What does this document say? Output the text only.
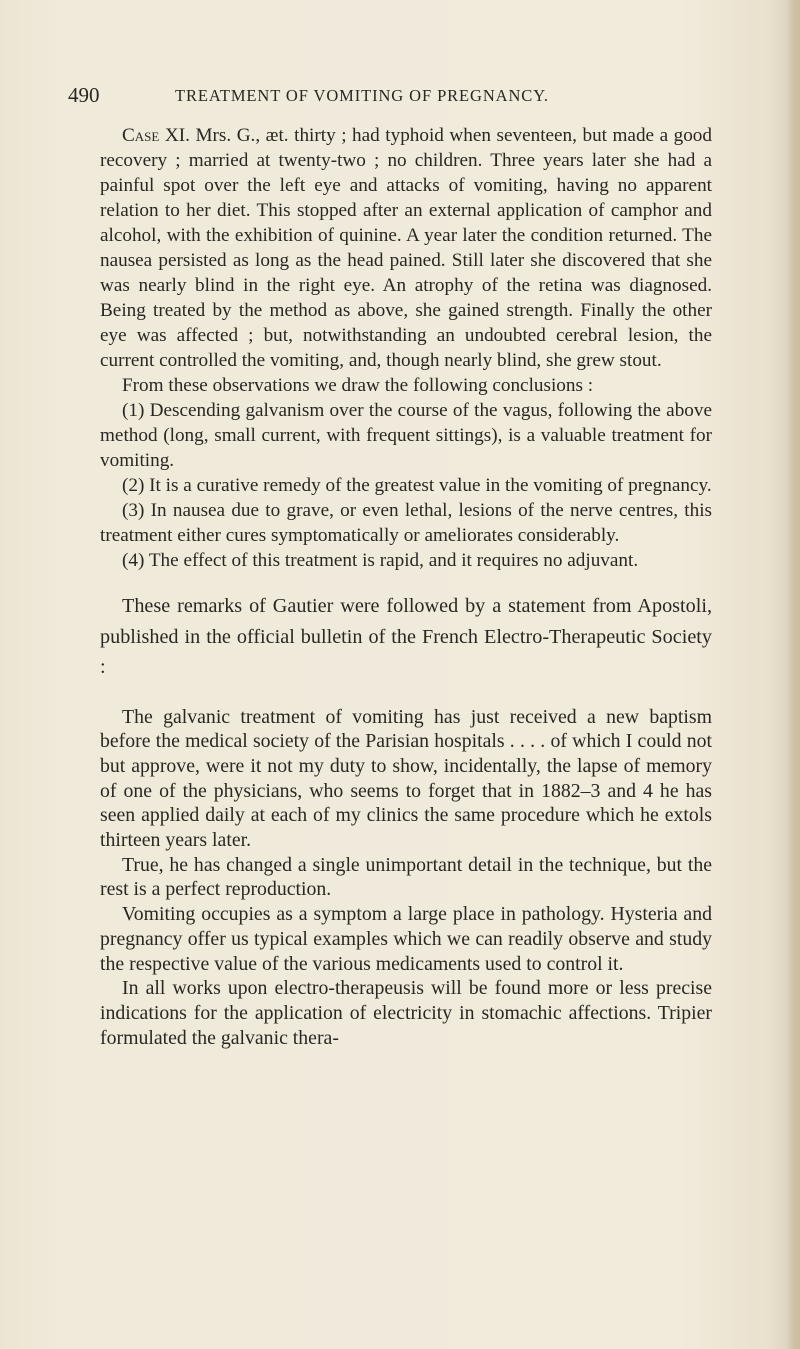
490	TREATMENT OF VOMITING OF PREGNANCY.

Case XI. Mrs. G., æt. thirty ; had typhoid when seventeen, but made a good recovery ; married at twenty-two ; no children. Three years later she had a painful spot over the left eye and attacks of vomiting, having no apparent relation to her diet. This stopped after an external application of camphor and alcohol, with the exhibition of quinine. A year later the condition returned. The nausea persisted as long as the head pained. Still later she discovered that she was nearly blind in the right eye. An atrophy of the retina was diagnosed. Being treated by the method as above, she gained strength. Finally the other eye was affected ; but, notwithstanding an undoubted cerebral lesion, the current controlled the vomiting, and, though nearly blind, she grew stout.

From these observations we draw the following conclusions :

(1) Descending galvanism over the course of the vagus, following the above method (long, small current, with frequent sittings), is a valuable treatment for vomiting.

(2) It is a curative remedy of the greatest value in the vomiting of pregnancy.

(3) In nausea due to grave, or even lethal, lesions of the nerve centres, this treatment either cures symptomatically or ameliorates considerably.

(4) The effect of this treatment is rapid, and it requires no adjuvant.

These remarks of Gautier were followed by a statement from Apostoli, published in the official bulletin of the French Electro-Therapeutic Society :

The galvanic treatment of vomiting has just received a new baptism before the medical society of the Parisian hospitals . . . . of which I could not but approve, were it not my duty to show, incidentally, the lapse of memory of one of the physicians, who seems to forget that in 1882–3 and 4 he has seen applied daily at each of my clinics the same procedure which he extols thirteen years later.

True, he has changed a single unimportant detail in the technique, but the rest is a perfect reproduction.

Vomiting occupies as a symptom a large place in pathology. Hysteria and pregnancy offer us typical examples which we can readily observe and study the respective value of the various medicaments used to control it.

In all works upon electro-therapeusis will be found more or less precise indications for the application of electricity in stomachic affections. Tripier formulated the galvanic thera-
